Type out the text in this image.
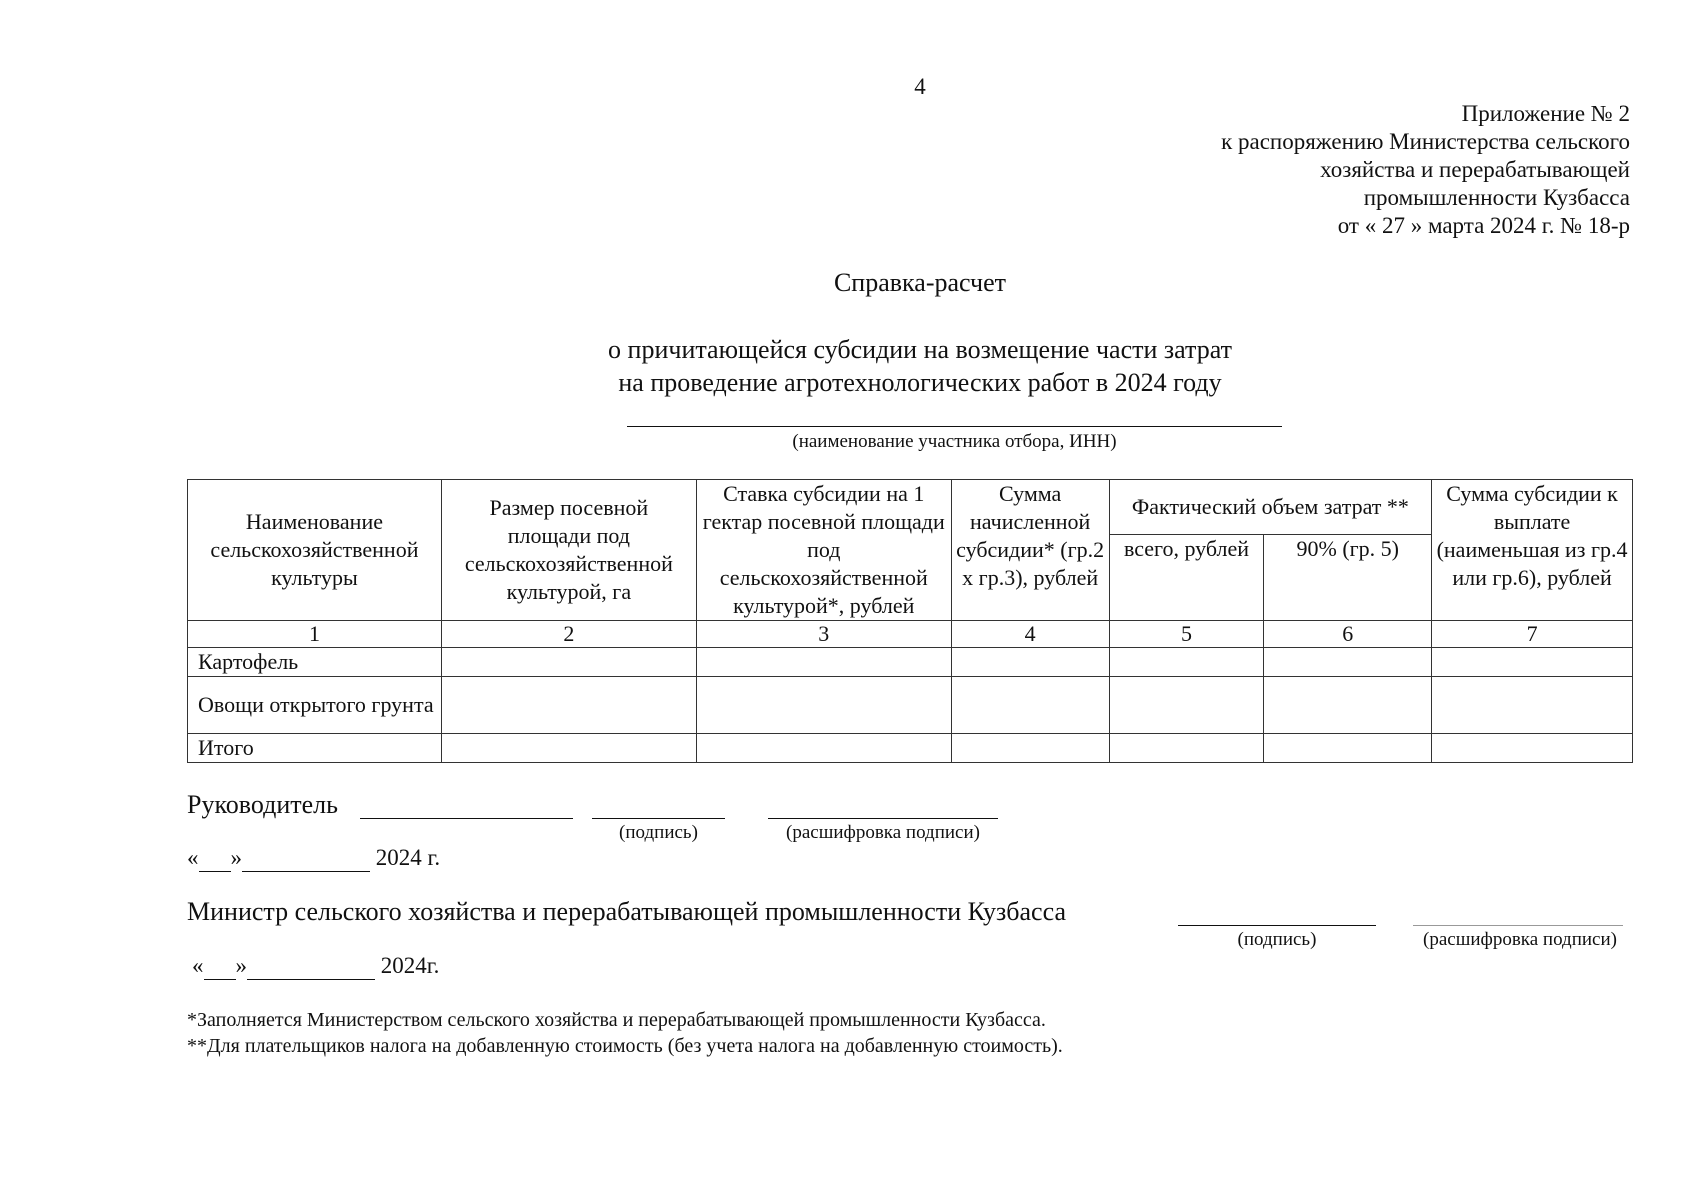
4
Приложение № 2
к распоряжению Министерства сельского
хозяйства и перерабатывающей
промышленности Кузбасса
от « 27 » марта 2024 г. № 18-р
Справка-расчет
о причитающейся субсидии на возмещение части затрат
на проведение агротехнологических работ в 2024 году
(наименование участника отбора, ИНН)
Наименование сельскохозяйственной культуры	Размер посевной площади под сельскохозяйственной культурой, га	Ставка субсидии на 1 гектар посевной площади под сельскохозяйственной культурой*, рублей	Сумма начисленной субсидии* (гр.2 х гр.3), рублей	Фактический объем затрат **		Сумма субсидии к выплате (наименьшая из гр.4 или гр.6), рублей
				всего, рублей	90% (гр. 5)	
1	2	3	4	5	6	7
Картофель						
Овощи открытого грунта						
Итого						
Руководитель
(подпись)	(расшифровка подписи)
« »	2024 г.
Министр сельского хозяйства и перерабатывающей промышленности Кузбасса
(подпись)	(расшифровка подписи)
« »	2024г.
*Заполняется Министерством сельского хозяйства и перерабатывающей промышленности Кузбасса.
**Для плательщиков налога на добавленную стоимость (без учета налога на добавленную стоимость).
